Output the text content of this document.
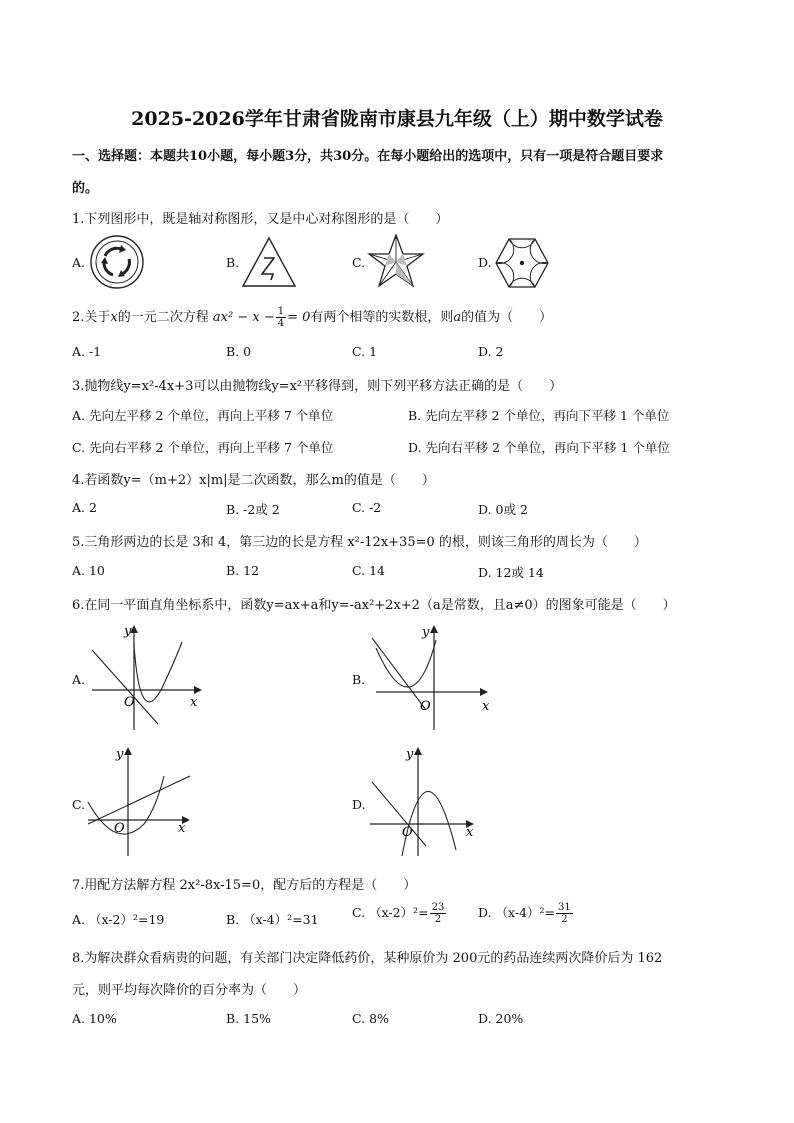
2025-2026学年甘肃省陇南市康县九年级（上）期中数学试卷
一、选择题：本题共10小题，每小题3分，共30分。在每小题给出的选项中，只有一项是符合题目要求
的。
1.下列图形中，既是轴对称图形，又是中心对称图形的是（　　）
A.	B.	C.	D.
2.关于x的一元二次方程 $ax^2 - x - \frac{1}{4} = 0$有两个相等的实数根，则a的值为（　　）
A. -1	B. 0	C. 1	D. 2
3.抛物线y=x²-4x+3可以由抛物线y=x²平移得到，则下列平移方法正确的是（　　）
A. 先向左平移 2 个单位，再向上平移 7 个单位	B. 先向左平移 2 个单位，再向下平移 1 个单位
C. 先向右平移 2 个单位，再向上平移 7 个单位	D. 先向右平移 2 个单位，再向下平移 1 个单位
4.若函数y=（m+2）x|m|是二次函数，那么m的值是（　　）
A. 2	B. -2或 2	C. -2	D. 0或 2
5.三角形两边的长是 3和 4，第三边的长是方程 x²-12x+35=0 的根，则该三角形的周长为（　　）
A. 10	B. 12	C. 14	D. 12或 14
6.在同一平面直角坐标系中，函数y=ax+a和y=-ax²+2x+2（a是常数，且a≠0）的图象可能是（　　）
A.
y
x
O
B.
y
x
O
C.
y
x
O
D.
y
x
O
7.用配方法解方程 2x²-8x-15=0，配方后的方程是（　　）
A. （x-2）²=19	B. （x-4）²=31	C. $(x-2)^2= \frac{23}{2}$	D. $(x-4)^2= \frac{31}{2}$
8.为解决群众看病贵的问题，有关部门决定降低药价，某种原价为 200元的药品连续两次降价后为 162
元，则平均每次降价的百分率为（　　）
A. 10%	B. 15%	C. 8%	D. 20%
